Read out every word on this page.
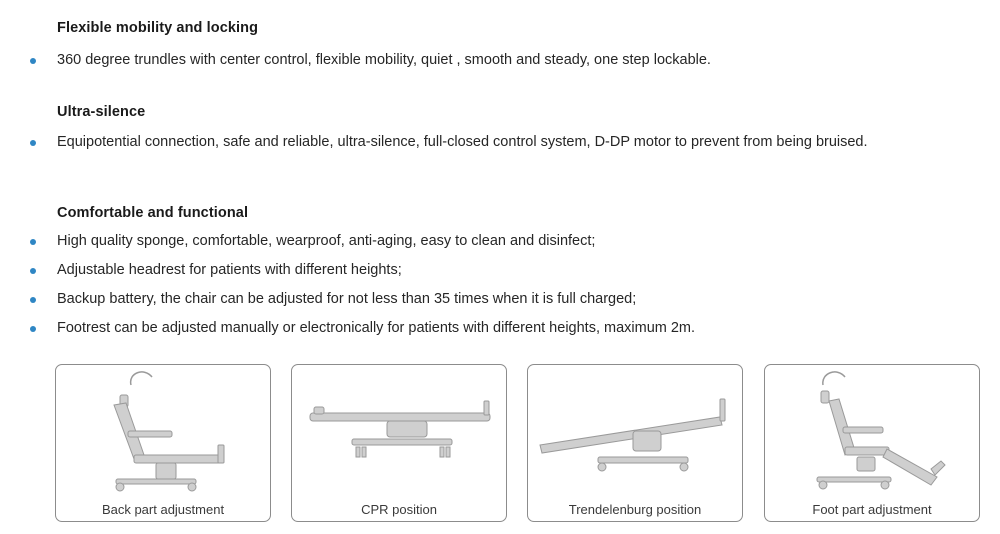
Flexible mobility and locking
360 degree trundles with center control, flexible mobility, quiet , smooth and steady, one step lockable.
Ultra-silence
Equipotential connection, safe and reliable, ultra-silence, full-closed control system, D-DP motor to prevent from being bruised.
Comfortable and functional
High quality sponge, comfortable, wearproof, anti-aging, easy to clean and disinfect;
Adjustable headrest for patients with different heights;
Backup battery, the chair can be adjusted for not less than 35 times when it is full charged;
Footrest can be adjusted manually or electronically for patients with different heights, maximum 2m.
Back part adjustment	CPR position	Trendelenburg position	Foot part adjustment
